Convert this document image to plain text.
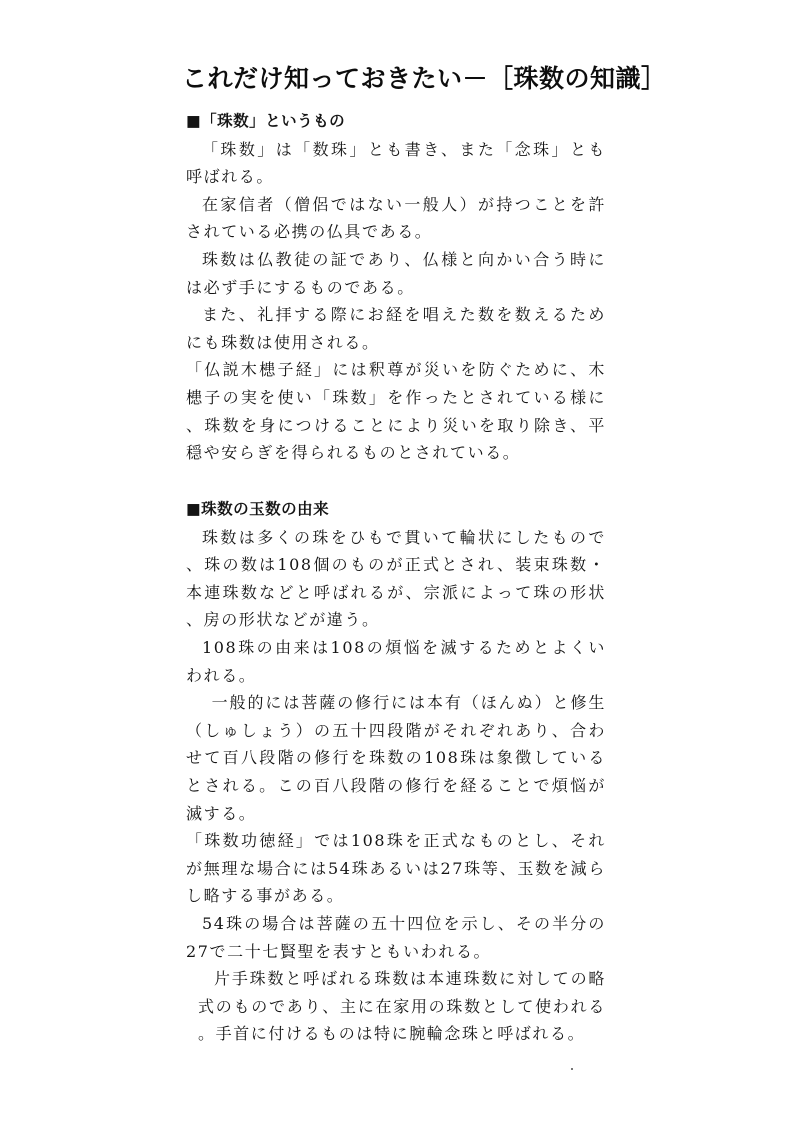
これだけ知っておきたい－［珠数の知識］
■「珠数」というもの

「珠数」は「数珠」とも書き、また「念珠」とも呼ばれる。

在家信者（僧侶ではない一般人）が持つことを許されている必携の仏具である。

珠数は仏教徒の証であり、仏様と向かい合う時には必ず手にするものである。

また、礼拝する際にお経を唱えた数を数えるためにも珠数は使用される。

「仏説木槵子経」には釈尊が災いを防ぐために、木槵子の実を使い「珠数」を作ったとされている様に、珠数を身につけることにより災いを取り除き、平穏や安らぎを得られるものとされている。

■珠数の玉数の由来

珠数は多くの珠をひもで貫いて輪状にしたもので、珠の数は108個のものが正式とされ、装束珠数・本連珠数などと呼ばれるが、宗派によって珠の形状、房の形状などが違う。

108珠の由来は108の煩悩を滅するためとよくいわれる。

一般的には菩薩の修行には本有（ほんぬ）と修生（しゅしょう）の五十四段階がそれぞれあり、合わせて百八段階の修行を珠数の108珠は象徴しているとされる。この百八段階の修行を経ることで煩悩が滅する。

「珠数功徳経」では108珠を正式なものとし、それが無理な場合には54珠あるいは27珠等、玉数を減らし略する事がある。

54珠の場合は菩薩の五十四位を示し、その半分の27で二十七賢聖を表すともいわれる。

片手珠数と呼ばれる珠数は本連珠数に対しての略式のものであり、主に在家用の珠数として使われる。手首に付けるものは特に腕輪念珠と呼ばれる。
